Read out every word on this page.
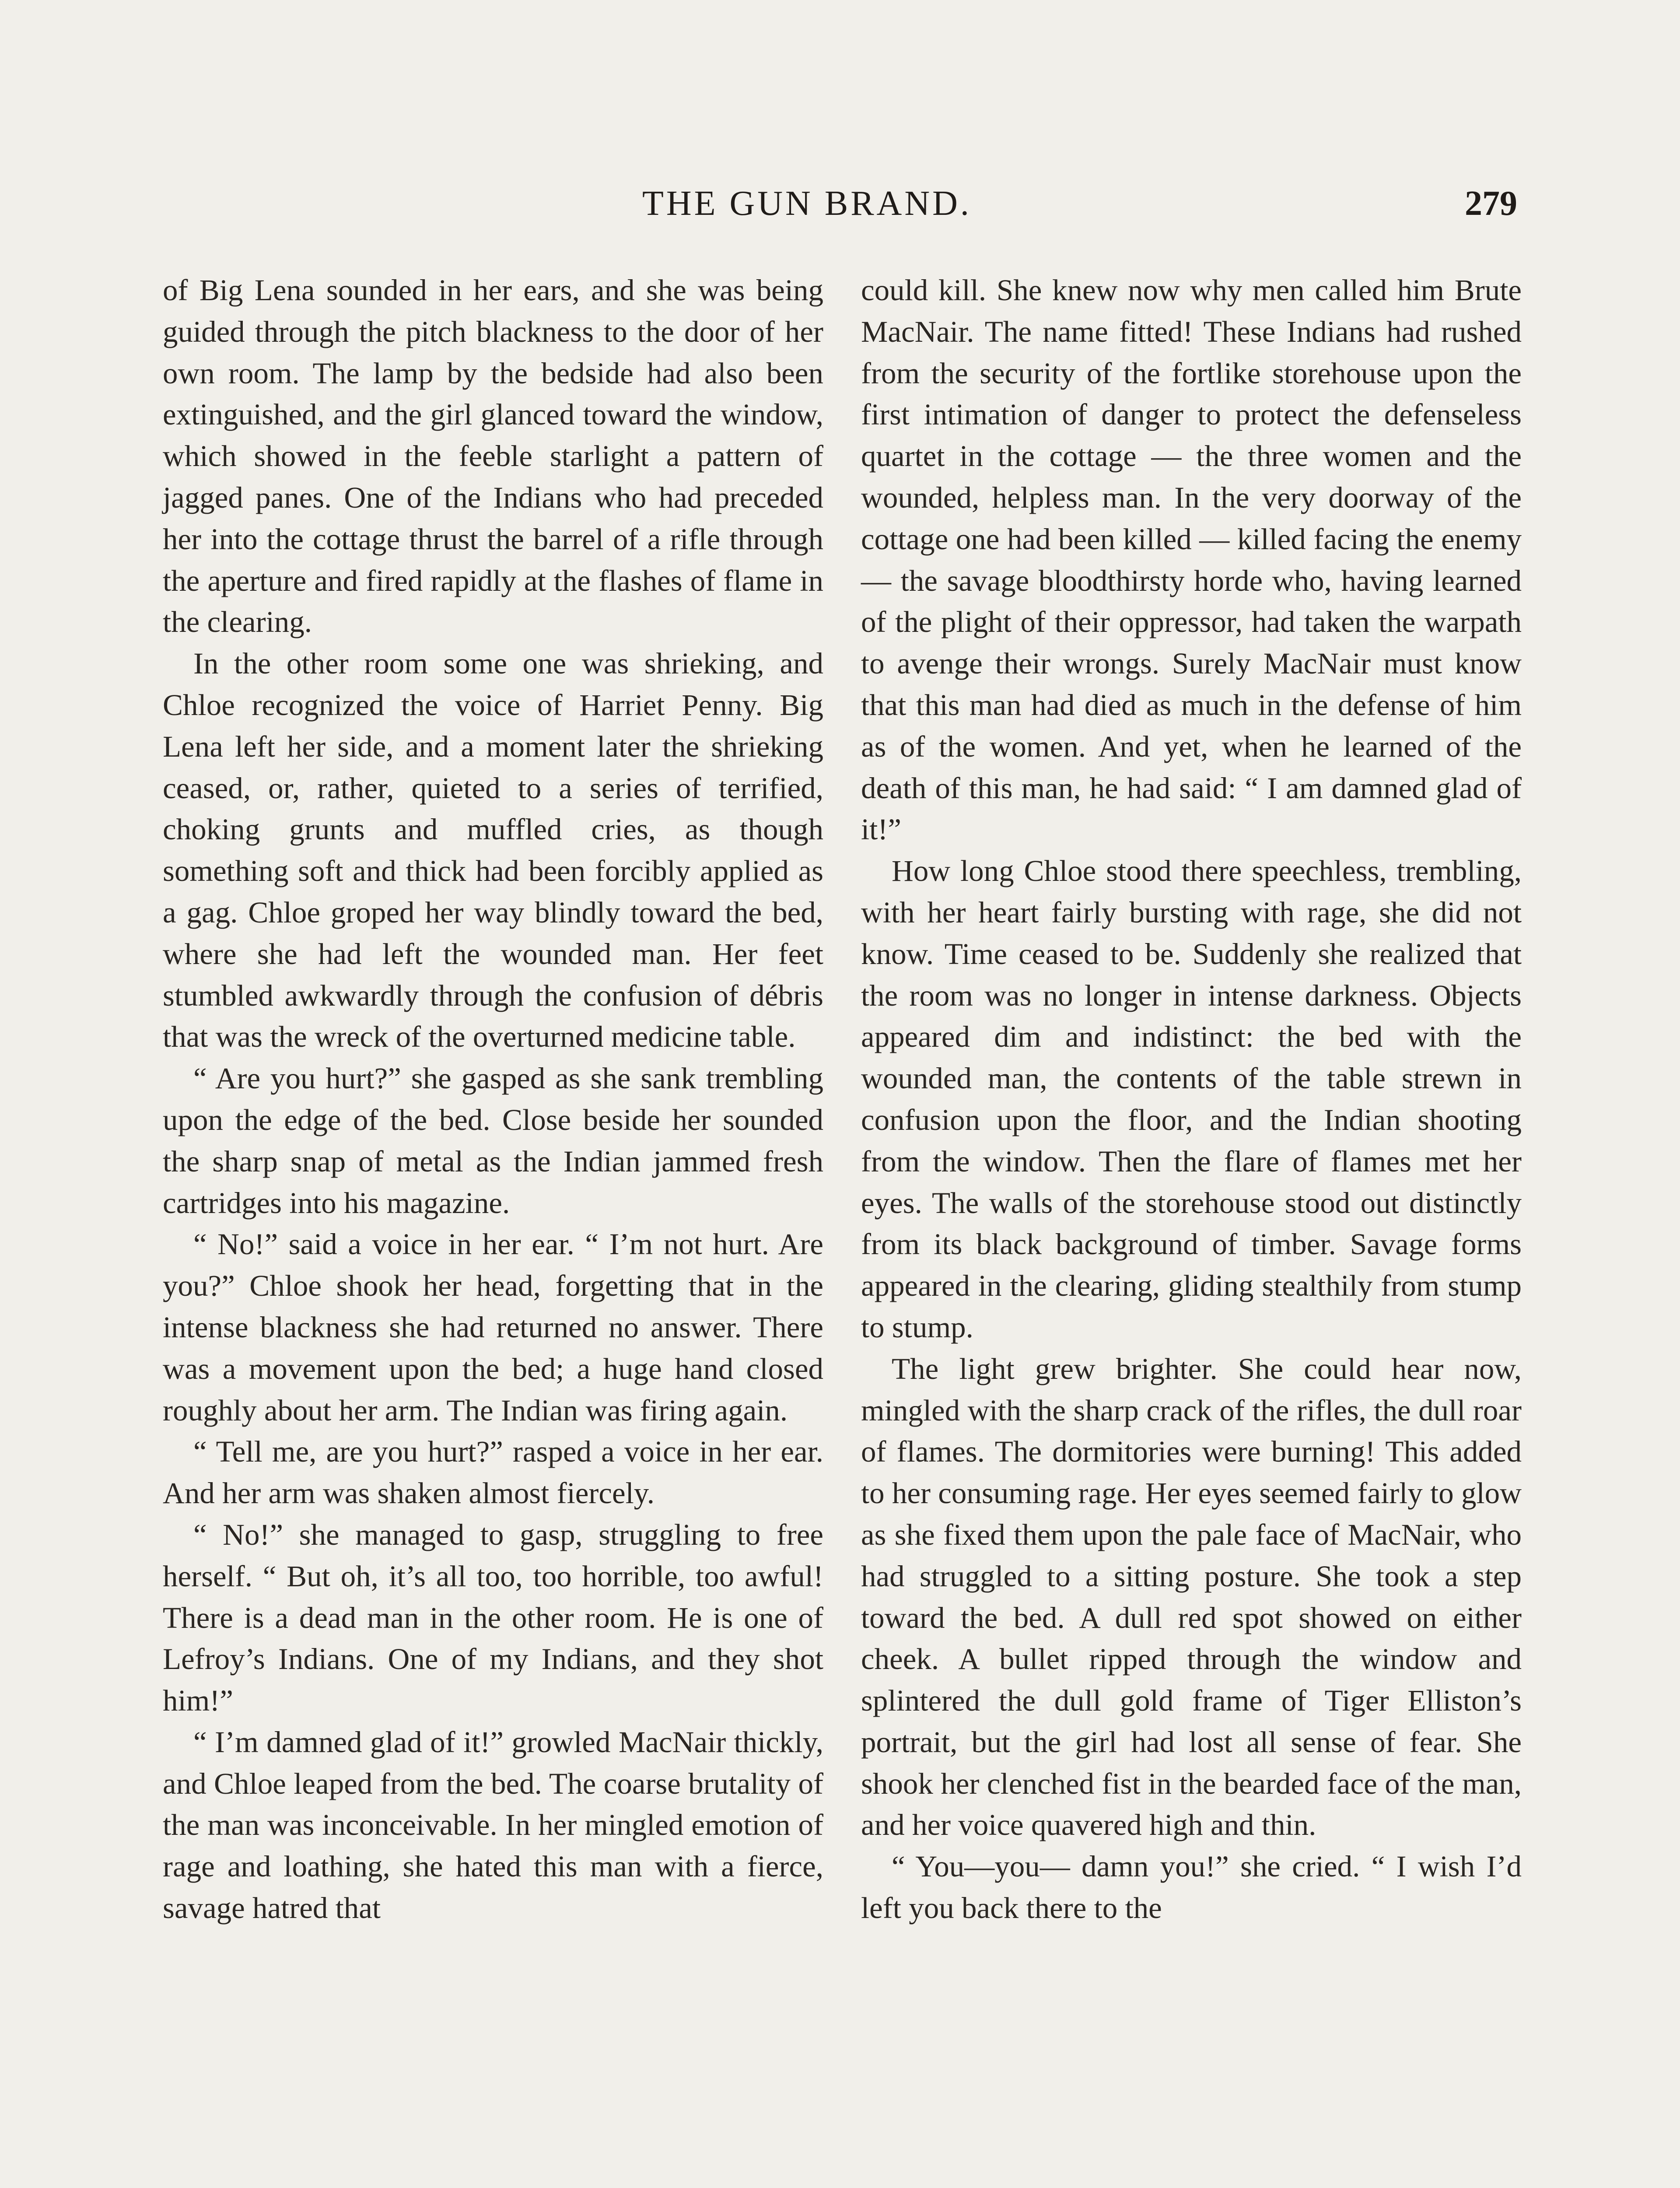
THE GUN BRAND.	279

of Big Lena sounded in her ears, and she was being guided through the pitch blackness to the door of her own room. The lamp by the bedside had also been extinguished, and the girl glanced toward the window, which showed in the feeble starlight a pattern of jagged panes. One of the Indians who had preceded her into the cottage thrust the barrel of a rifle through the aperture and fired rapidly at the flashes of flame in the clearing.

In the other room some one was shrieking, and Chloe recognized the voice of Harriet Penny. Big Lena left her side, and a moment later the shrieking ceased, or, rather, quieted to a series of terrified, choking grunts and muffled cries, as though something soft and thick had been forcibly applied as a gag. Chloe groped her way blindly toward the bed, where she had left the wounded man. Her feet stumbled awkwardly through the confusion of débris that was the wreck of the overturned medicine table.

“ Are you hurt?” she gasped as she sank trembling upon the edge of the bed. Close beside her sounded the sharp snap of metal as the Indian jammed fresh cartridges into his magazine.

“ No!” said a voice in her ear. “ I’m not hurt. Are you?” Chloe shook her head, forgetting that in the intense blackness she had returned no answer. There was a movement upon the bed; a huge hand closed roughly about her arm. The Indian was firing again.

“ Tell me, are you hurt?” rasped a voice in her ear. And her arm was shaken almost fiercely.

“ No!” she managed to gasp, struggling to free herself. “ But oh, it’s all too, too horrible, too awful! There is a dead man in the other room. He is one of Lefroy’s Indians. One of my Indians, and they shot him!”

“ I’m damned glad of it!” growled MacNair thickly, and Chloe leaped from the bed. The coarse brutality of the man was inconceivable. In her mingled emotion of rage and loathing, she hated this man with a fierce, savage hatred that

could kill. She knew now why men called him Brute MacNair. The name fitted! These Indians had rushed from the security of the fortlike storehouse upon the first intimation of danger to protect the defenseless quartet in the cottage — the three women and the wounded, helpless man. In the very doorway of the cottage one had been killed — killed facing the enemy — the savage bloodthirsty horde who, having learned of the plight of their oppressor, had taken the warpath to avenge their wrongs. Surely MacNair must know that this man had died as much in the defense of him as of the women. And yet, when he learned of the death of this man, he had said: “ I am damned glad of it!”

How long Chloe stood there speechless, trembling, with her heart fairly bursting with rage, she did not know. Time ceased to be. Suddenly she realized that the room was no longer in intense darkness. Objects appeared dim and indistinct: the bed with the wounded man, the contents of the table strewn in confusion upon the floor, and the Indian shooting from the window. Then the flare of flames met her eyes. The walls of the storehouse stood out distinctly from its black background of timber. Savage forms appeared in the clearing, gliding stealthily from stump to stump.

The light grew brighter. She could hear now, mingled with the sharp crack of the rifles, the dull roar of flames. The dormitories were burning! This added to her consuming rage. Her eyes seemed fairly to glow as she fixed them upon the pale face of MacNair, who had struggled to a sitting posture. She took a step toward the bed. A dull red spot showed on either cheek. A bullet ripped through the window and splintered the dull gold frame of Tiger Elliston’s portrait, but the girl had lost all sense of fear. She shook her clenched fist in the bearded face of the man, and her voice quavered high and thin.

“ You—you— damn you!” she cried. “ I wish I’d left you back there to the
